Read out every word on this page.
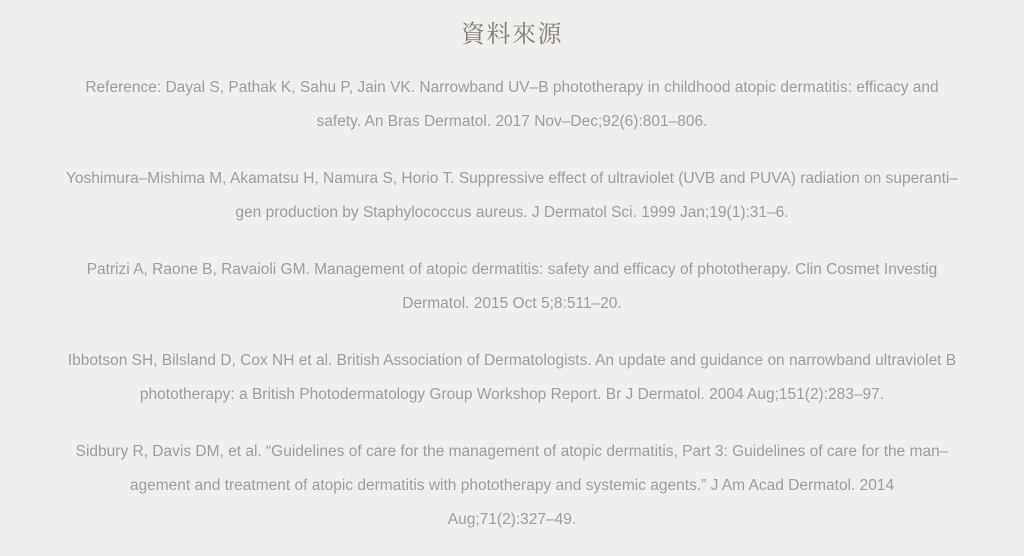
資料來源
Reference: Dayal S, Pathak K, Sahu P, Jain VK. Narrowband UV–B phototherapy in childhood atopic dermatitis: efficacy and
safety. An Bras Dermatol. 2017 Nov–Dec;92(6):801–806.
Yoshimura–Mishima M, Akamatsu H, Namura S, Horio T. Suppressive effect of ultraviolet (UVB and PUVA) radiation on superanti–
gen production by Staphylococcus aureus. J Dermatol Sci. 1999 Jan;19(1):31–6.
Patrizi A, Raone B, Ravaioli GM. Management of atopic dermatitis: safety and efficacy of phototherapy. Clin Cosmet Investig
Dermatol. 2015 Oct 5;8:511–20.
Ibbotson SH, Bilsland D, Cox NH et al. British Association of Dermatologists. An update and guidance on narrowband ultraviolet B
phototherapy: a British Photodermatology Group Workshop Report. Br J Dermatol. 2004 Aug;151(2):283–97.
Sidbury R, Davis DM, et al. “Guidelines of care for the management of atopic dermatitis, Part 3: Guidelines of care for the man–
agement and treatment of atopic dermatitis with phototherapy and systemic agents.” J Am Acad Dermatol. 2014
Aug;71(2):327–49.
